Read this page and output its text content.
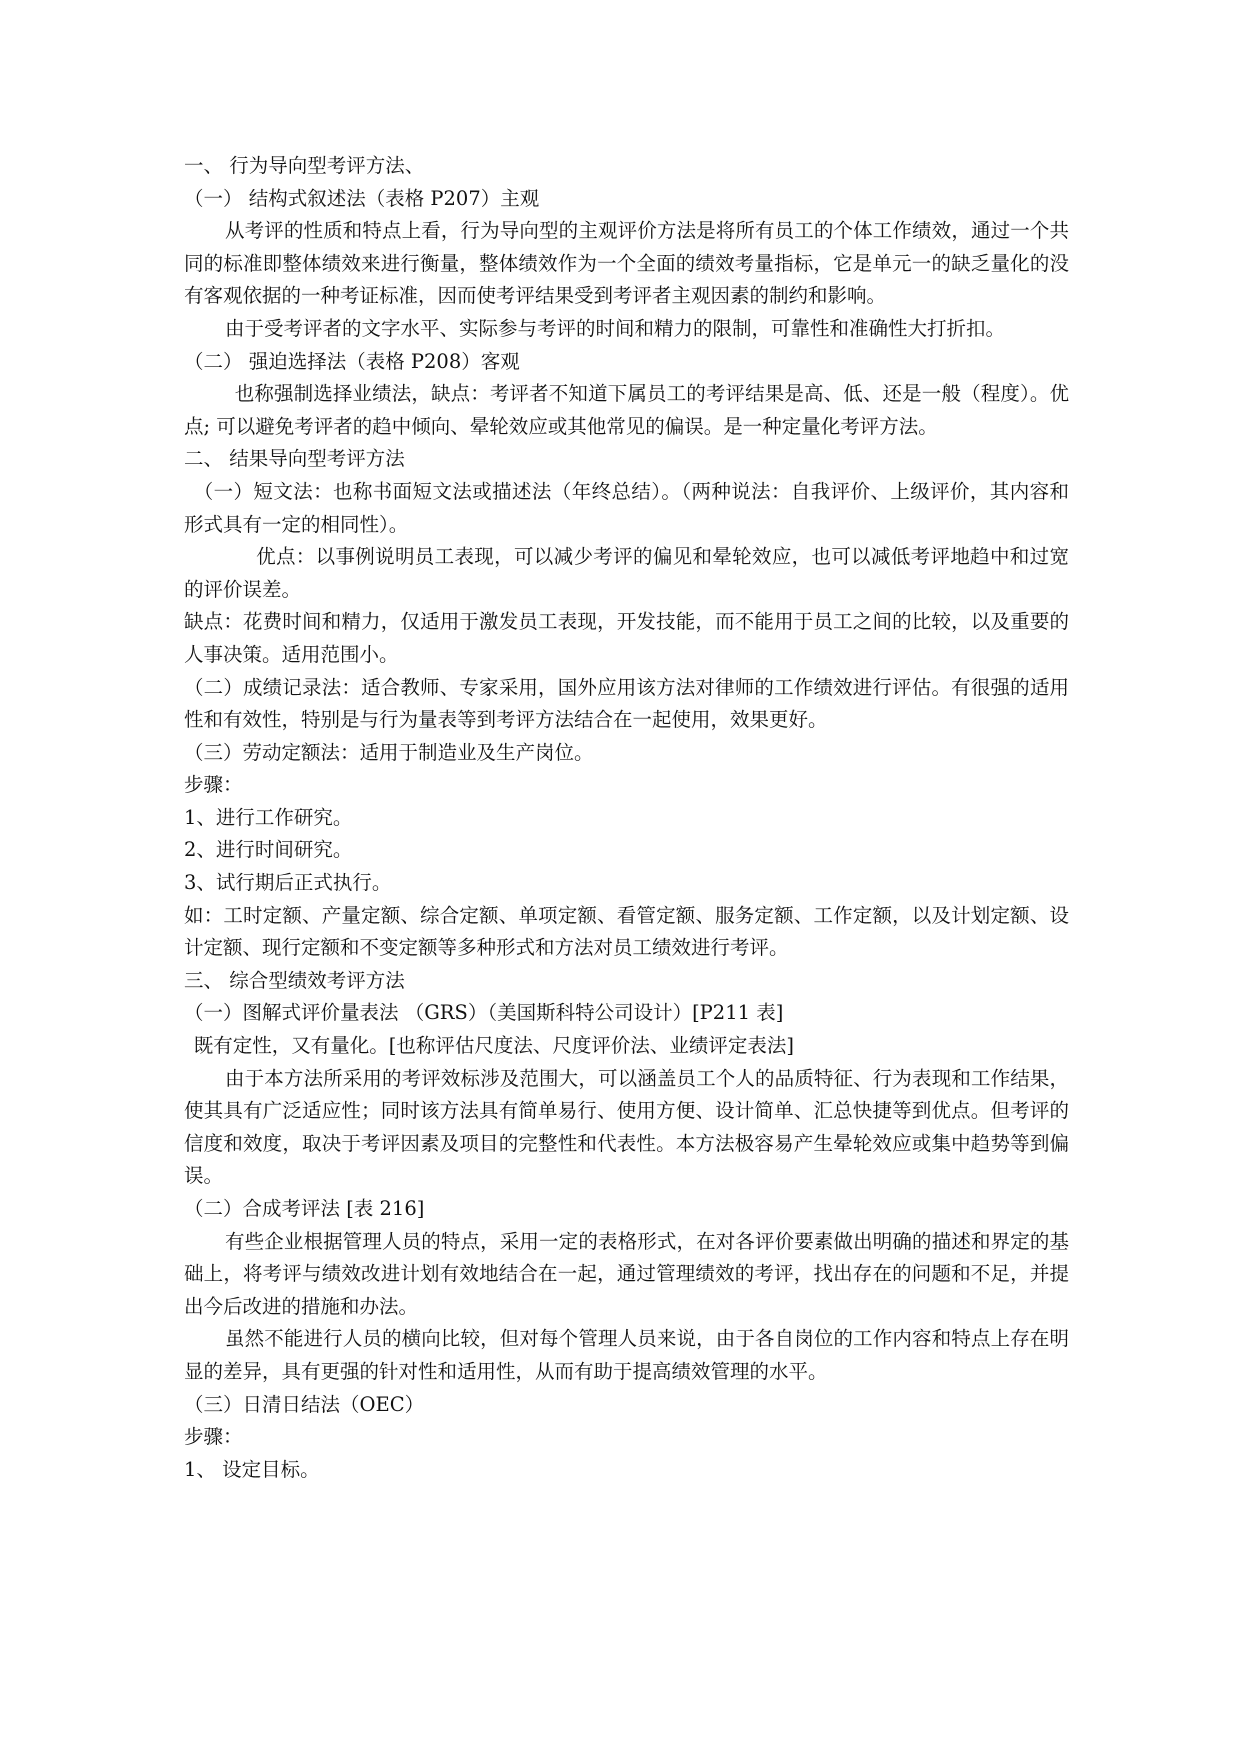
一、 行为导向型考评方法、

（一） 结构式叙述法（表格 P207）主观

从考评的性质和特点上看，行为导向型的主观评价方法是将所有员工的个体工作绩效，通过一个共同的标准即整体绩效来进行衡量，整体绩效作为一个全面的绩效考量指标，它是单元一的缺乏量化的没有客观依据的一种考证标准，因而使考评结果受到考评者主观因素的制约和影响。

由于受考评者的文字水平、实际参与考评的时间和精力的限制，可靠性和准确性大打折扣。

（二） 强迫选择法（表格 P208）客观

也称强制选择业绩法，缺点：考评者不知道下属员工的考评结果是高、低、还是一般（程度）。优点; 可以避免考评者的趋中倾向、晕轮效应或其他常见的偏误。是一种定量化考评方法。

二、 结果导向型考评方法

（一）短文法：也称书面短文法或描述法（年终总结）。（两种说法：自我评价、上级评价，其内容和形式具有一定的相同性）。

优点：以事例说明员工表现，可以减少考评的偏见和晕轮效应，也可以减低考评地趋中和过宽的评价误差。

缺点：花费时间和精力，仅适用于激发员工表现，开发技能，而不能用于员工之间的比较，以及重要的人事决策。适用范围小。

（二）成绩记录法：适合教师、专家采用，国外应用该方法对律师的工作绩效进行评估。有很强的适用性和有效性，特别是与行为量表等到考评方法结合在一起使用，效果更好。

（三）劳动定额法：适用于制造业及生产岗位。

步骤：

1、进行工作研究。

2、进行时间研究。

3、试行期后正式执行。

如：工时定额、产量定额、综合定额、单项定额、看管定额、服务定额、工作定额，以及计划定额、设计定额、现行定额和不变定额等多种形式和方法对员工绩效进行考评。

三、 综合型绩效考评方法

（一）图解式评价量表法 （GRS）（美国斯科特公司设计）[P211 表]

既有定性，又有量化。[也称评估尺度法、尺度评价法、业绩评定表法]

由于本方法所采用的考评效标涉及范围大，可以涵盖员工个人的品质特征、行为表现和工作结果，使其具有广泛适应性；同时该方法具有简单易行、使用方便、设计简单、汇总快捷等到优点。但考评的信度和效度，取决于考评因素及项目的完整性和代表性。本方法极容易产生晕轮效应或集中趋势等到偏误。

（二）合成考评法 [表 216]

有些企业根据管理人员的特点，采用一定的表格形式，在对各评价要素做出明确的描述和界定的基础上，将考评与绩效改进计划有效地结合在一起，通过管理绩效的考评，找出存在的问题和不足，并提出今后改进的措施和办法。

虽然不能进行人员的横向比较，但对每个管理人员来说，由于各自岗位的工作内容和特点上存在明显的差异，具有更强的针对性和适用性，从而有助于提高绩效管理的水平。

（三）日清日结法（OEC）

步骤：

1、 设定目标。
